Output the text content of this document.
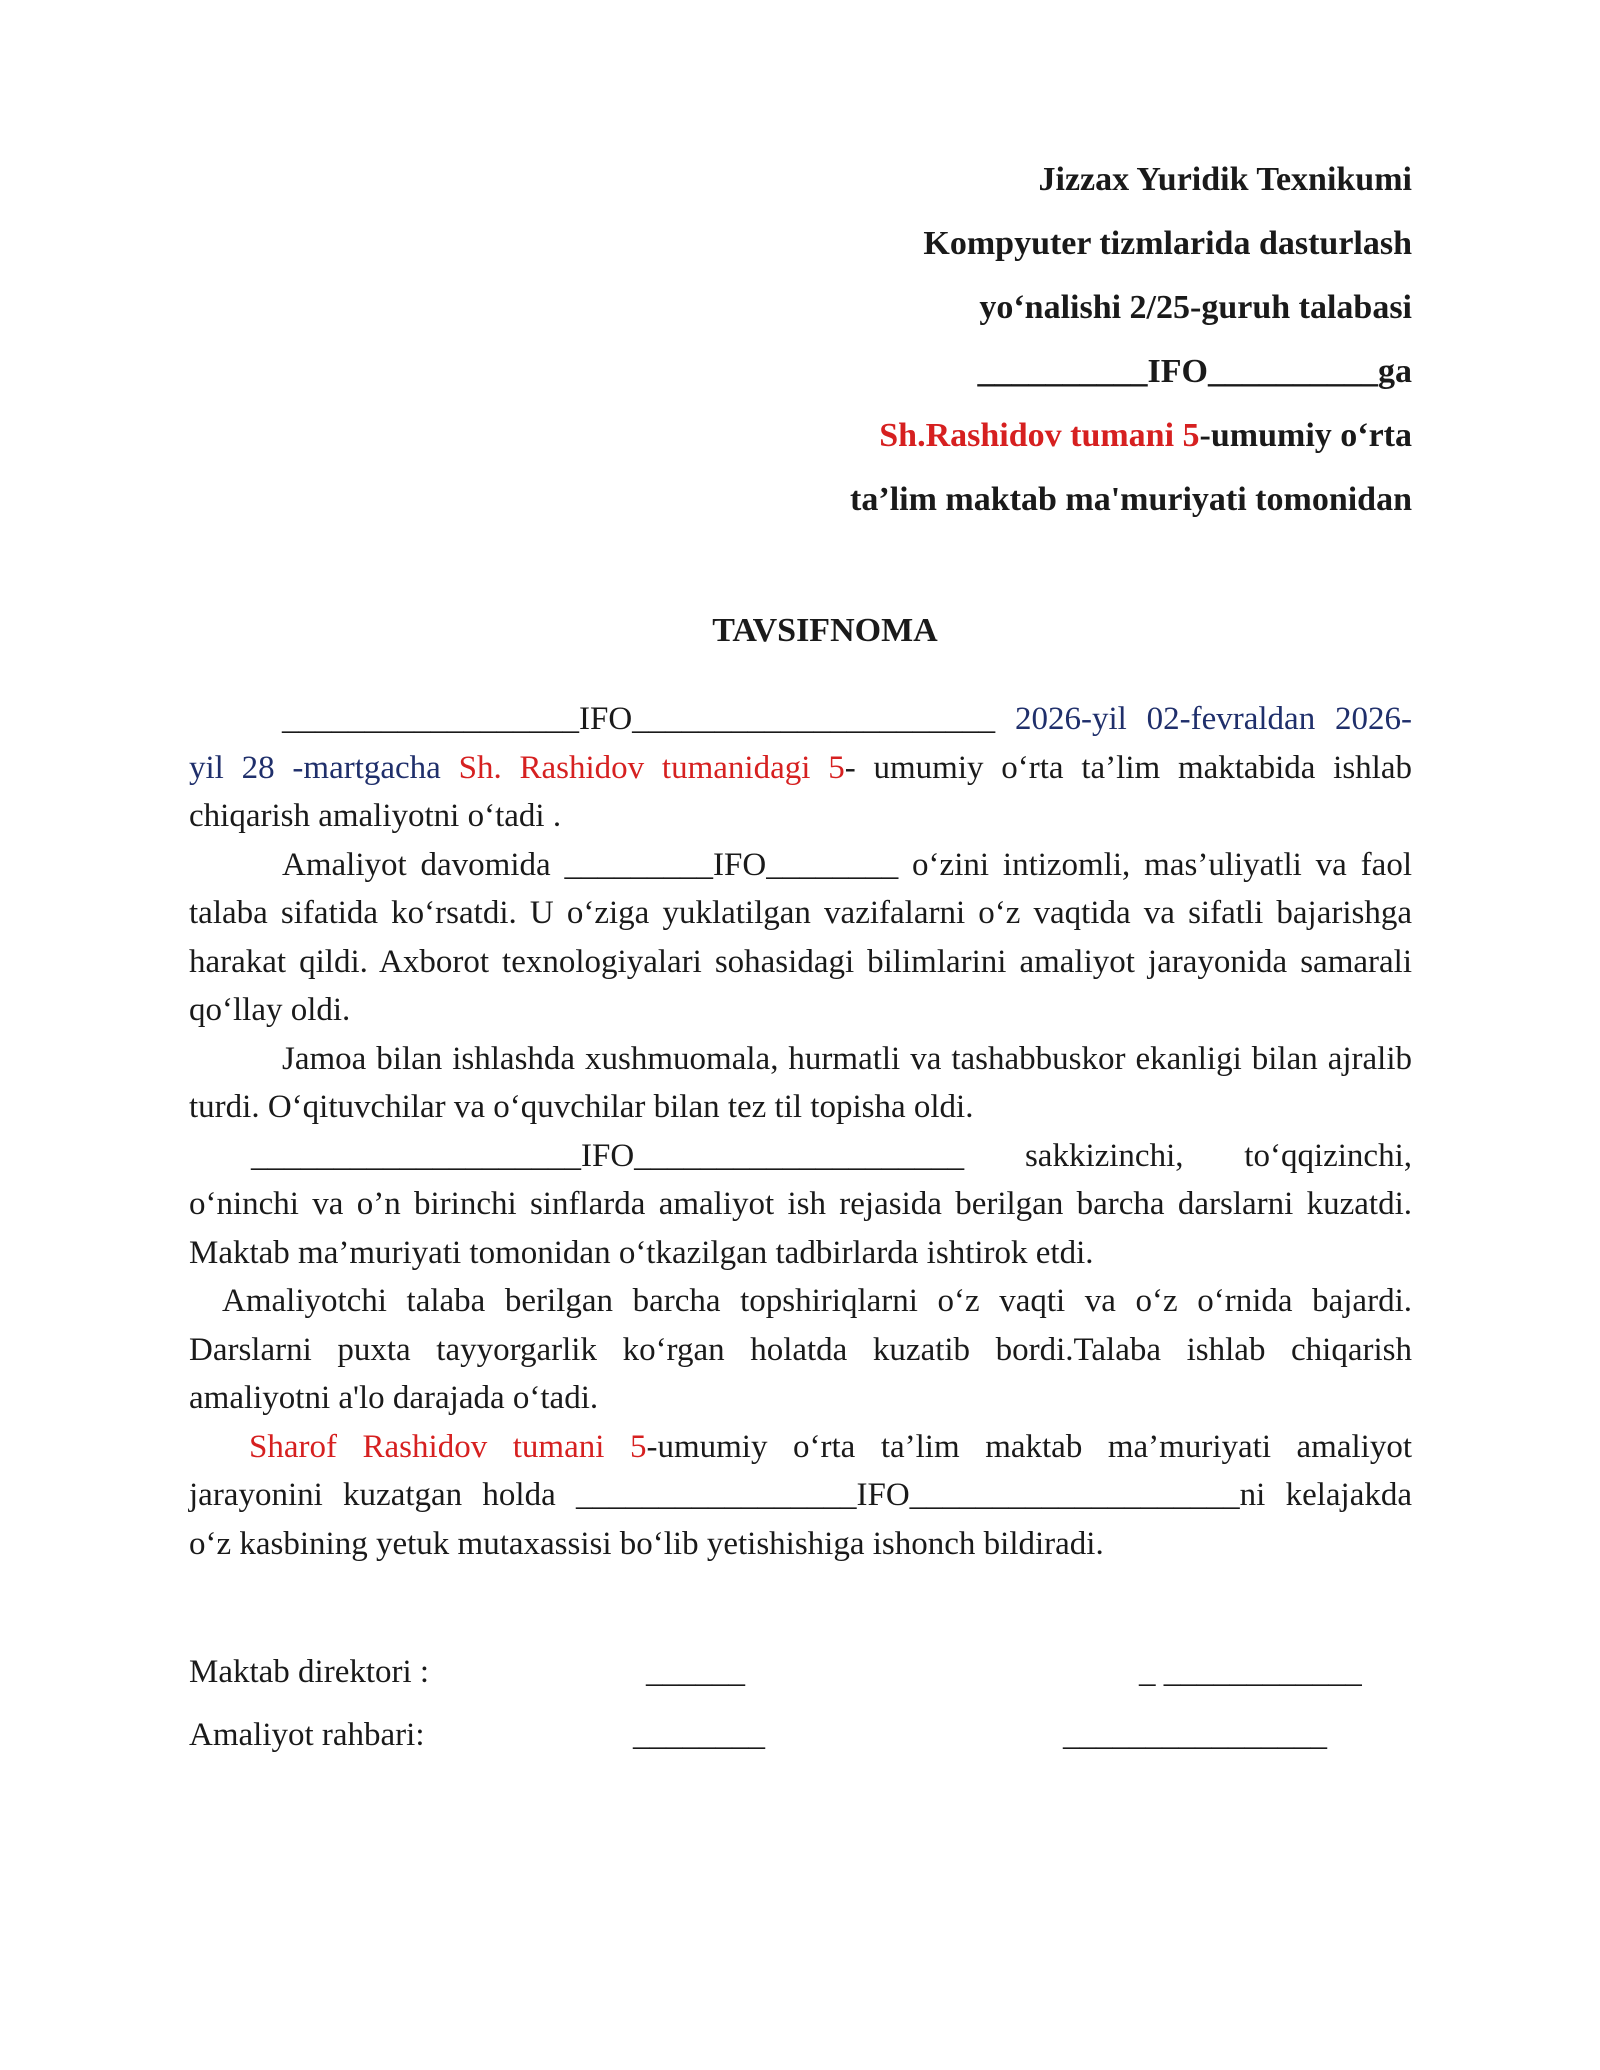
Jizzax Yuridik Texnikumi
Kompyuter tizmlarida dasturlash
yoʻnalishi 2/25-guruh talabasi
__________IFO__________ga
Sh.Rashidov tumani 5-umumiy oʻrta
ta’lim maktab ma'muriyati tomonidan
TAVSIFNOMA

__________________IFO______________________ 2026-yil 02-fevraldan 2026-yil 28 -martgacha Sh. Rashidov tumanidagi 5- umumiy oʻrta ta’lim maktabida ishlab chiqarish amaliyotni oʻtadi .

Amaliyot davomida _________IFO________ oʻzini intizomli, mas’uliyatli va faol talaba sifatida koʻrsatdi. U oʻziga yuklatilgan vazifalarni oʻz vaqtida va sifatli bajarishga harakat qildi. Axborot texnologiyalari sohasidagi bilimlarini amaliyot jarayonida samarali qoʻllay oldi.

Jamoa bilan ishlashda xushmuomala, hurmatli va tashabbuskor ekanligi bilan ajralib turdi. Oʻqituvchilar va oʻquvchilar bilan tez til topisha oldi.

____________________IFO____________________ sakkizinchi, toʻqqizinchi, oʻninchi va o’n birinchi sinflarda amaliyot ish rejasida berilgan barcha darslarni kuzatdi. Maktab ma’muriyati tomonidan oʻtkazilgan tadbirlarda ishtirok etdi.

Amaliyotchi talaba berilgan barcha topshiriqlarni oʻz vaqti va oʻz oʻrnida bajardi. Darslarni puxta tayyorgarlik koʻrgan holatda kuzatib bordi.Talaba ishlab chiqarish amaliyotni a'lo darajada oʻtadi.

Sharof Rashidov tumani 5-umumiy oʻrta ta’lim maktab ma’muriyati amaliyot jarayonini kuzatgan holda _________________IFO____________________ni kelajakda oʻz kasbining yetuk mutaxassisi boʻlib yetishishiga ishonch bildiradi.

Maktab direktori :	______	_ ____________
Amaliyot rahbari:	________	________________
